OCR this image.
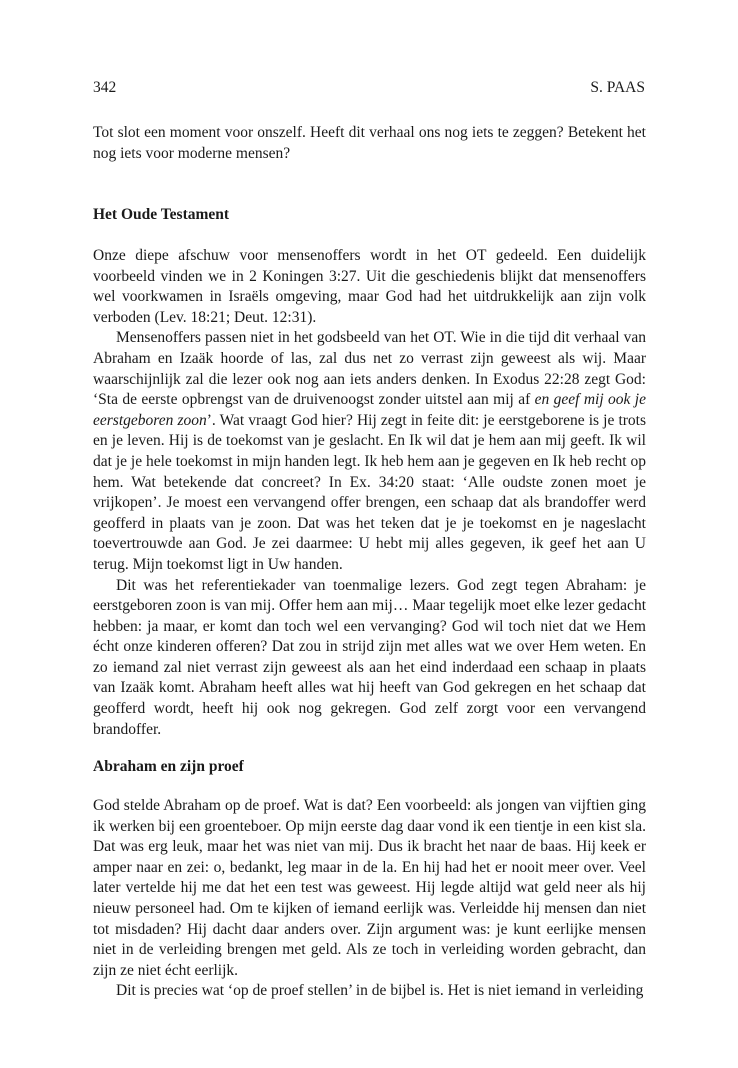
342	S. PAAS

Tot slot een moment voor onszelf. Heeft dit verhaal ons nog iets te zeggen? Betekent het nog iets voor moderne mensen?

Het Oude Testament

Onze diepe afschuw voor mensenoffers wordt in het OT gedeeld. Een duidelijk voorbeeld vinden we in 2 Koningen 3:27. Uit die geschiedenis blijkt dat mensenoffers wel voorkwamen in Israëls omgeving, maar God had het uitdrukkelijk aan zijn volk verboden (Lev. 18:21; Deut. 12:31).

Mensenoffers passen niet in het godsbeeld van het OT. Wie in die tijd dit verhaal van Abraham en Izaäk hoorde of las, zal dus net zo verrast zijn geweest als wij. Maar waarschijnlijk zal die lezer ook nog aan iets anders denken. In Exodus 22:28 zegt God: ‘Sta de eerste opbrengst van de druivenoogst zonder uitstel aan mij af en geef mij ook je eerstgeboren zoon’. Wat vraagt God hier? Hij zegt in feite dit: je eerstgeborene is je trots en je leven. Hij is de toekomst van je geslacht. En Ik wil dat je hem aan mij geeft. Ik wil dat je je hele toekomst in mijn handen legt. Ik heb hem aan je gegeven en Ik heb recht op hem. Wat betekende dat concreet? In Ex. 34:20 staat: ‘Alle oudste zonen moet je vrijkopen’. Je moest een vervangend offer brengen, een schaap dat als brandoffer werd geofferd in plaats van je zoon. Dat was het teken dat je je toekomst en je nageslacht toevertrouwde aan God. Je zei daarmee: U hebt mij alles gegeven, ik geef het aan U terug. Mijn toekomst ligt in Uw handen.

Dit was het referentiekader van toenmalige lezers. God zegt tegen Abraham: je eerstgeboren zoon is van mij. Offer hem aan mij… Maar tegelijk moet elke lezer gedacht hebben: ja maar, er komt dan toch wel een vervanging? God wil toch niet dat we Hem écht onze kinderen offeren? Dat zou in strijd zijn met alles wat we over Hem weten. En zo iemand zal niet verrast zijn geweest als aan het eind inderdaad een schaap in plaats van Izaäk komt. Abraham heeft alles wat hij heeft van God gekregen en het schaap dat geofferd wordt, heeft hij ook nog gekregen. God zelf zorgt voor een vervangend brandoffer.

Abraham en zijn proef

God stelde Abraham op de proef. Wat is dat? Een voorbeeld: als jongen van vijftien ging ik werken bij een groenteboer. Op mijn eerste dag daar vond ik een tientje in een kist sla. Dat was erg leuk, maar het was niet van mij. Dus ik bracht het naar de baas. Hij keek er amper naar en zei: o, bedankt, leg maar in de la. En hij had het er nooit meer over. Veel later vertelde hij me dat het een test was geweest. Hij legde altijd wat geld neer als hij nieuw personeel had. Om te kijken of iemand eerlijk was. Verleidde hij mensen dan niet tot misdaden? Hij dacht daar anders over. Zijn argument was: je kunt eerlijke mensen niet in de verleiding brengen met geld. Als ze toch in verleiding worden gebracht, dan zijn ze niet écht eerlijk.

Dit is precies wat ‘op de proef stellen’ in de bijbel is. Het is niet iemand in verleiding
